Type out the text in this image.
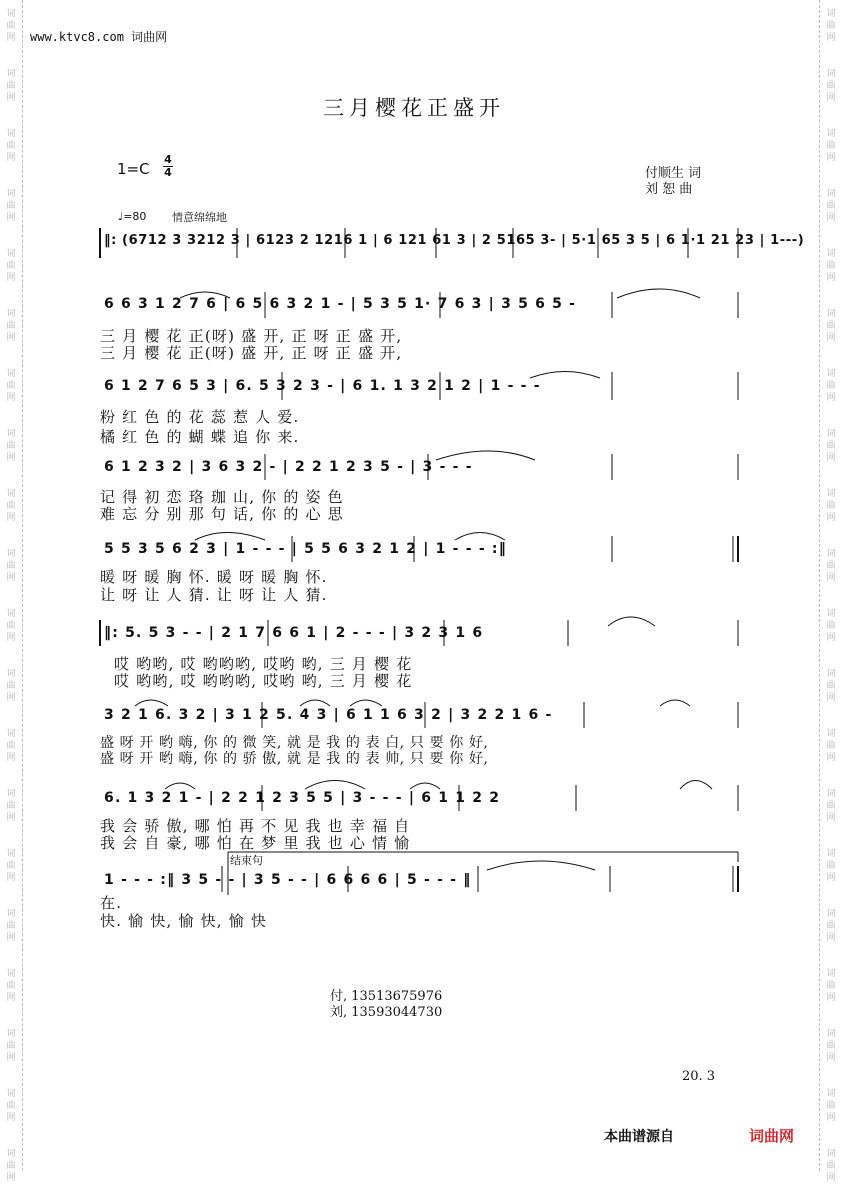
词
曲
网
词
曲
网
词
曲
网
词
曲
网
词
曲
网
词
曲
网
词
曲
网
词
曲
网
词
曲
网
词
曲
网
词
曲
网
词
曲
网
词
曲
网
词
曲
网
词
曲
网
词
曲
网
词
曲
网
词
曲
网
词
曲
网
词
曲
网
词
曲
网
词
曲
网
词
曲
网
词
曲
网
词
曲
网
词
曲
网
词
曲
网
词
曲
网
词
曲
网
词
曲
网
词
曲
网
词
曲
网
词
曲
网
词
曲
网
词
曲
网
词
曲
网
词
曲
网
词
曲
网
词
曲
网
词
曲
网
www.ktvc8.com 词曲网
三月樱花正盛开
1=C
4
4	付顺生 词
刘 恕 曲
♩=80 情意绵绵地
‖: (6712 3 3212 3 | 6123 2 1216 1 | 6 121 61 3 | 2 5165 3- | 5·1 65 3 5 | 6 1·1 21 23 | 1---)
6 6 3 1 2 7 6 | 6 5 6 3 2 1 - | 5 3 5 1· 7 6 3 | 3 5 6 5 -
三 月 樱 花 正(呀) 盛 开, 正 呀 正 盛 开,
三 月 樱 花 正(呀) 盛 开, 正 呀 正 盛 开,
6 1 2 7 6 5 3 | 6. 5 3 2 3 - | 6 1. 1 3 2 1 2 | 1 - - -
粉 红 色 的 花 蕊 惹 人 爱.
橘 红 色 的 蝴 蝶 追 你 来.
6 1 2 3 2 | 3 6 3 2 - | 2 2 1 2 3 5 - | 3 - - -
记 得 初 恋 珞 珈 山, 你 的 姿 色
难 忘 分 别 那 句 话, 你 的 心 思
5 5 3 5 6 2 3 | 1 - - - | 5 5 6 3 2 1 2 | 1 - - - :‖
暖 呀 暖 胸 怀. 暖 呀 暖 胸 怀.
让 呀 让 人 猜. 让 呀 让 人 猜.
‖: 5. 5 3 - - | 2 1 7 6 6 1 | 2 - - - | 3 2 3 1 6
哎 哟哟, 哎 哟哟哟, 哎哟 哟, 三 月 樱 花
哎 哟哟, 哎 哟哟哟, 哎哟 哟, 三 月 樱 花
3 2 1 6. 3 2 | 3 1 2 5. 4 3 | 6 1 1 6 3 2 | 3 2 2 1 6 -
盛 呀 开 哟 嗨, 你 的 微 笑, 就 是 我 的 表 白, 只 要 你 好,
盛 呀 开 哟 嗨, 你 的 骄 傲, 就 是 我 的 表 帅, 只 要 你 好,
6. 1 3 2 1 - | 2 2 1 2 3 5 5 | 3 - - - | 6 1 1 2 2
我 会 骄 傲, 哪 怕 再 不 见 我 也 幸 福 自
我 会 自 豪, 哪 怕 在 梦 里 我 也 心 情 愉
结束句
1 - - - :‖ 3 5 - - | 3 5 - - | 6 6 6 6 | 5 - - - ‖
在.
快. 愉 快, 愉 快, 愉 快
付, 13513675976
刘, 13593044730
20. 3
本曲谱源自	词曲网
